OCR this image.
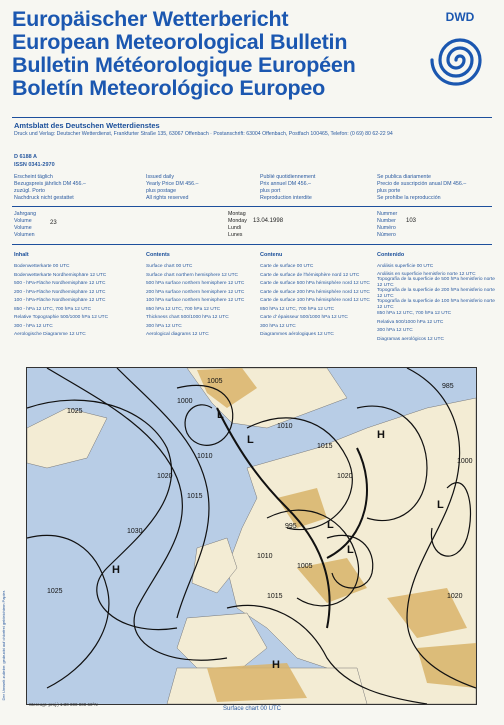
Europäischer Wetterbericht
European Meteorological Bulletin
Bulletin Météorologique Européen
Boletín Meteorológico Europeo
DWD
Amtsblatt des Deutschen Wetterdienstes
Druck und Verlag: Deutscher Wetterdienst, Frankfurter Straße 135, 63067 Offenbach · Postanschrift: 63004 Offenbach, Postfach 100465, Telefon: (0 69) 80 62-22 94
D 6188 A
ISSN 0341-2970
Erscheint täglich
Bezugspreis jährlich DM 456.–
zuzügl. Porto
Nachdruck nicht gestattet
Issued daily
Yearly Price DM 456.–
plus postage
All rights reserved
Publié quotidiennement
Prix annuel DM 456.–
plus port
Reproduction interdite
Se publica diariamente
Precio de suscripción anual DM 456.–
plus porte
Se prohíbe la reproducción
Jahrgang
Volume
Volume
Volumen
23
Montag
Monday
Lundi
Lunes
13.04.1998
Nummer
Number
Numéro
Número
103
Inhalt
Bodenwetterkarte 00 UTC
Bodenwetterkarte Nordhemisphäre 12 UTC
500 - hPa-Fläche Nordhemisphäre 12 UTC
200 - hPa-Fläche Nordhemisphäre 12 UTC
100 - hPa-Fläche Nordhemisphäre 12 UTC
850 - hPa 12 UTC, 700 hPa 12 UTC
Relative Topographie 500/1000 hPa 12 UTC
300 - hPa 12 UTC
Aerologische Diagramme 12 UTC
Contents
Surface chart 00 UTC
Surface chart northern hemisphere 12 UTC
500 hPa surface northern hemisphere 12 UTC
200 hPa surface northern hemisphere 12 UTC
100 hPa surface northern hemisphere 12 UTC
850 hPa 12 UTC, 700 hPa 12 UTC
Thickness chart 500/1000 hPa 12 UTC
300 hPa 12 UTC
Aerological diagrams 12 UTC
Contenu
Carte de surface 00 UTC
Carte de surface de l'hémisphère nord 12 UTC
Carte de surface 500 hPa hémisphère nord 12 UTC
Carte de surface 200 hPa hémisphère nord 12 UTC
Carte de surface 100 hPa hémisphère nord 12 UTC
850 hPa 12 UTC, 700 hPa 12 UTC
Carte d' épaisseur 500/1000 hPa 12 UTC
300 hPa 12 UTC
Diagrammes aérologiques 12 UTC
Contenido
Análisis superficie 00 UTC
Análisis en superficie hemisferio norte 12 UTC
Topografía de la superficie de 500 hPa hemisferio norte 12 UTC
Topografía de la superficie de 200 hPa hemisferio norte 12 UTC
Topografía de la superficie de 100 hPa hemisferio norte 12 UTC
850 hPa 12 UTC, 700 hPa 12 UTC
Relativa 500/1000 hPa 12 UTC
300 hPa 12 UTC
Diagramas aerológicos 12 UTC
H
L
L	H
L
L
L
H
1025
1030
1025
1020
1015
1010
1005
1000
1010
1015
1020
995
1005
1010
1015	1020
985
1000
Stereogr. proj.) 1:30 000 000 60°N
Surface chart 00 UTC
Der Umwelt zuliebe: gedruckt auf chlorfrei gebleichtem Papier.
